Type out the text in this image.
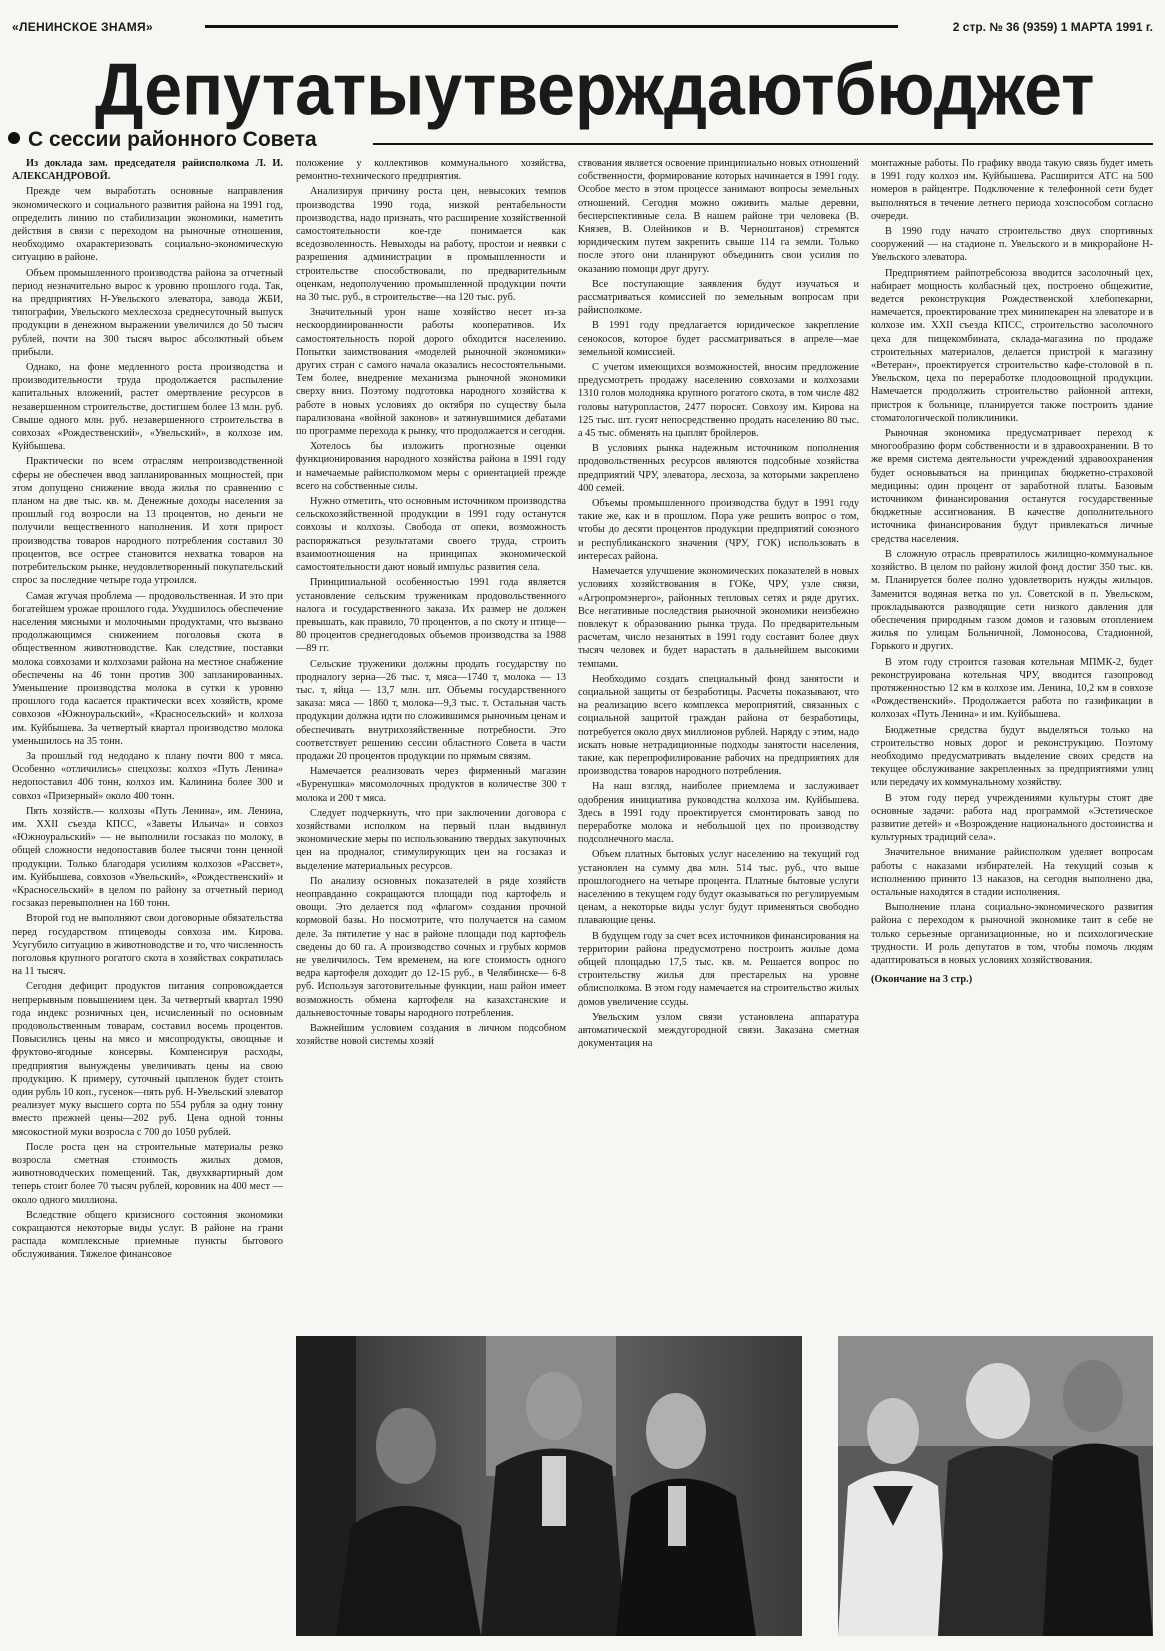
«ЛЕНИНСКОЕ ЗНАМЯ»	2 стр. № 36 (9359) 1 МАРТА 1991 г.
Депутаты утверждают бюджет
С сессии районного Совета

Из доклада зам. председателя райисполкома Л. И. АЛЕКСАНДРОВОЙ.

Прежде чем выработать основные направления экономического и социального развития района на 1991 год, определить линию по стабилизации экономики, наметить действия в связи с переходом на рыночные отношения, необходимо охарактеризовать социально-экономическую ситуацию в районе.

Объем промышленного производства района за отчетный период незначительно вырос к уровню прошлого года. Так, на предприятиях Н-Увельского элеватора, завода ЖБИ, типографии, Увельского мехлесхоза среднесуточный выпуск продукции в денежном выражении увеличился до 50 тысяч рублей, почти на 300 тысяч вырос абсолютный объем прибыли.

Однако, на фоне медленного роста производства и производительности труда продолжается распыление капитальных вложений, растет омертвление ресурсов в незавершенном строительстве, достигшем более 13 млн. руб. Свыше одного млн. руб. незавершенного строительства в совхозах «Рождественский», «Увельский», в колхозе им. Куйбышева.

Практически по всем отраслям непроизводственной сферы не обеспечен ввод запланированных мощностей, при этом допущено снижение ввода жилья по сравнению с планом на две тыс. кв. м. Денежные доходы населения за прошлый год возросли на 13 процентов, но деньги не получили вещественного наполнения. И хотя прирост производства товаров народного потребления составил 30 процентов, все острее становится нехватка товаров на потребительском рынке, неудовлетворенный покупательский спрос за последние четыре года утроился.

Самая жгучая проблема — продовольственная. И это при богатейшем урожае прошлого года. Ухудшилось обеспечение населения мясными и молочными продуктами, что вызвано продолжающимся снижением поголовья скота в общественном животноводстве. Как следствие, поставки молока совхозами и колхозами района на местное снабжение обеспечены на 46 тонн против 300 запланированных. Уменьшение производства молока в сутки к уровню прошлого года касается практически всех хозяйств, кроме совхозов «Южноуральский», «Красносельский» и колхоза им. Куйбышева. За четвертый квартал производство молока уменьшилось на 35 тонн.

За прошлый год недодано к плану почти 800 т мяса. Особенно «отличились» спецхозы: колхоз «Путь Ленина» недопоставил 406 тонн, колхоз им. Калинина более 300 и совхоз «Призерный» около 400 тонн.

Пять хозяйств.— колхозы «Путь Ленина», им. Ленина, им. XXII съезда КПСС, «Заветы Ильича» и совхоз «Южноуральский» — не выполнили госзаказ по молоку, в общей сложности недопоставив более тысячи тонн ценной продукции. Только благодаря усилиям колхозов «Рассвет», им. Куйбышева, совхозов «Увельский», «Рождественский» и «Красносельский» в целом по району за отчетный период госзаказ перевыполнен на 160 тонн.

Второй год не выполняют свои договорные обязательства перед государством птицеводы совхоза им. Кирова. Усугубило ситуацию в животноводстве и то, что численность поголовья крупного рогатого скота в хозяйствах сократилась на 11 тысяч.

Сегодня дефицит продуктов питания сопровождается непрерывным повышением цен. За четвертый квартал 1990 года индекс розничных цен, исчисленный по основным продовольственным товарам, составил восемь процентов. Повысились цены на мясо и мясопродукты, овощные и фруктово-ягодные консервы. Компенсируя расходы, предприятия вынуждены увеличивать цены на свою продукцию. К примеру, суточный цыпленок будет стоить один рубль 10 коп., гусенок—пять руб. Н-Увельский элеватор реализует муку высшего сорта по 554 рубля за одну тонну вместо прежней цены—202 руб. Цена одной тонны мясокостной муки возросла с 700 до 1050 рублей.

После роста цен на строительные материалы резко возросла сметная стоимость жилых домов, животноводческих помещений. Так, двухквартирный дом теперь стоит более 70 тысяч рублей, коровник на 400 мест — около одного миллиона.

Вследствие общего кризисного состояния экономики сокращаются некоторые виды услуг. В районе на грани распада комплексные приемные пункты бытового обслуживания. Тяжелое финансовое

положение у коллективов коммунального хозяйства, ремонтно-технического предприятия.

Анализируя причину роста цен, невысоких темпов производства 1990 года, низкой рентабельности производства, надо признать, что расширение хозяйственной самостоятельности кое-где понимается как вседозволенность. Невыходы на работу, простои и неявки с разрешения администрации в промышленности и строительстве способствовали, по предварительным оценкам, недополучению промышленной продукции почти на 30 тыс. руб., в строительстве—на 120 тыс. руб.

Значительный урон наше хозяйство несет из-за нескоординированности работы кооперативов. Их самостоятельность порой дорого обходится населению. Попытки заимствования «моделей рыночной экономики» других стран с самого начала оказались несостоятельными. Тем более, внедрение механизма рыночной экономики сверху вниз. Поэтому подготовка народного хозяйства к работе в новых условиях до октября по существу была парализована «войной законов» и затянувшимися дебатами по программе перехода к рынку, что продолжается и сегодня.

Хотелось бы изложить прогнозные оценки функционирования народного хозяйства района в 1991 году и намечаемые райисполкомом меры с ориентацией прежде всего на собственные силы.

Нужно отметить, что основным источником производства сельскохозяйственной продукции в 1991 году останутся совхозы и колхозы. Свобода от опеки, возможность распоряжаться результатами своего труда, строить взаимоотношения на принципах экономической самостоятельности дают новый импульс развития села.

Принципиальной особенностью 1991 года является установление сельским труженикам продовольственного налога и государственного заказа. Их размер не должен превышать, как правило, 70 процентов, а по скоту и птице—80 процентов среднегодовых объемов производства за 1988—89 гг.

Сельские труженики должны продать государству по продналогу зерна—26 тыс. т, мяса—1740 т, молока — 13 тыс. т, яйца — 13,7 млн. шт. Объемы государственного заказа: мяса — 1860 т, молока—9,3 тыс. т. Остальная часть продукции должна идти по сложившимся рыночным ценам и обеспечивать внутрихозяйственные потребности. Это соответствует решению сессии областного Совета в части продажи 20 процентов продукции по прямым связям.

Намечается реализовать через фирменный магазин «Буренушка» мясомолочных продуктов в количестве 300 т молока и 200 т мяса.

Следует подчеркнуть, что при заключении договора с хозяйствами исполком на первый план выдвинул экономические меры по использованию твердых закупочных цен на продналог, стимулирующих цен на госзаказ и выделение материальных ресурсов.

По анализу основных показателей в ряде хозяйств неоправданно сокращаются площади под картофель и овощи. Это делается под «флагом» создания прочной кормовой базы. Но посмотрите, что получается на самом деле. За пятилетие у нас в районе площади под картофель сведены до 60 га. А производство сочных и грубых кормов не увеличилось. Тем временем, на юге стоимость одного ведра картофеля доходит до 12-15 руб., в Челябинске— 6-8 руб. Используя заготовительные функции, наш район имеет возможность обмена картофеля на казахстанские и дальневосточные товары народного потребления.

Важнейшим условием создания в личном подсобном хозяйстве новой системы хозяй

ствования является освоение принципиально новых отношений собственности, формирование которых начинается в 1991 году. Особое место в этом процессе занимают вопросы земельных отношений. Сегодня можно оживить малые деревни, бесперспективные села. В нашем районе три человека (В. Князев, В. Олейников и В. Черноштанов) стремятся юридическим путем закрепить свыше 114 га земли. Только после этого они планируют объединить свои усилия по оказанию помощи друг другу.

Все поступающие заявления будут изучаться и рассматриваться комиссией по земельным вопросам при райисполкоме.

В 1991 году предлагается юридическое закрепление сенокосов, которое будет рассматриваться в апреле—мае земельной комиссией.

С учетом имеющихся возможностей, вносим предложение предусмотреть продажу населению совхозами и колхозами 1310 голов молодняка крупного рогатого скота, в том числе 482 головы натуропластов, 2477 поросят. Совхозу им. Кирова на 125 тыс. шт. гусят непосредственно продать населению 80 тыс. а 45 тыс. обменять на цыплят бройлеров.

В условиях рынка надежным источником пополнения продовольственных ресурсов являются подсобные хозяйства предприятий ЧРУ, элеватора, лесхоза, за которыми закреплено 400 семей.

Объемы промышленного производства будут в 1991 году такие же, как и в прошлом. Пора уже решить вопрос о том, чтобы до десяти процентов продукции предприятий союзного и республиканского значения (ЧРУ, ГОК) использовать в интересах района.

Намечается улучшение экономических показателей в новых условиях хозяйствования в ГОКе, ЧРУ, узле связи, «Агропромэнерго», районных тепловых сетях и ряде других. Все негативные последствия рыночной экономики неизбежно повлекут к образованию рынка труда. По предварительным расчетам, число незанятых в 1991 году составит более двух тысяч человек и будет нарастать в дальнейшем высокими темпами.

Необходимо создать специальный фонд занятости и социальной защиты от безработицы. Расчеты показывают, что на реализацию всего комплекса мероприятий, связанных с социальной защитой граждан района от безработицы, потребуется около двух миллионов рублей. Наряду с этим, надо искать новые нетрадиционные подходы занятости населения, такие, как перепрофилирование рабочих на предприятиях для производства товаров народного потребления.

На наш взгляд, наиболее приемлема и заслуживает одобрения инициатива руководства колхоза им. Куйбышева. Здесь в 1991 году проектируется смонтировать завод по переработке молока и небольшой цех по производству подсолнечного масла.

Объем платных бытовых услуг населению на текущий год установлен на сумму два млн. 514 тыс. руб., что выше прошлогоднего на четыре процента. Платные бытовые услуги населению в текущем году будут оказываться по регулируемым ценам, а некоторые виды услуг будут применяться свободно плавающие цены.

В будущем году за счет всех источников финансирования на территории района предусмотрено построить жилые дома общей площадью 17,5 тыс. кв. м. Решается вопрос по строительству жилья для престарелых на уровне облисполкома. В этом году намечается на строительство жилых домов увеличение ссуды.

Увельским узлом связи установлена аппаратура автоматической междугородной связи. Заказана сметная документация на

монтажные работы. По графику ввода такую связь будет иметь в 1991 году колхоз им. Куйбышева. Расширится АТС на 500 номеров в райцентре. Подключение к телефонной сети будет выполняться в течение летнего периода хозспособом согласно очереди.

В 1990 году начато строительство двух спортивных сооружений — на стадионе п. Увельского и в микрорайоне Н-Увельского элеватора.

Предприятием райпотребсоюза вводится засолочный цех, набирает мощность колбасный цех, построено общежитие, ведется реконструкция Рождественской хлебопекарни, намечается, проектирование трех минипекарен на элеваторе и в колхозе им. XXII съезда КПСС, строительство засолочного цеха для пищекомбината, склада-магазина по продаже строительных материалов, делается пристрой к магазину «Ветеран», проектируется строительство кафе-столовой в п. Увельском, цеха по переработке плодоовощной продукции. Намечается продолжить строительство районной аптеки, пристроя к больнице, планируется также построить здание стоматологической поликлиники.

Рыночная экономика предусматривает переход к многообразию форм собственности и в здравоохранении. В то же время система деятельности учреждений здравоохранения будет основываться на принципах бюджетно-страховой медицины: один процент от заработной платы. Базовым источником финансирования останутся государственные бюджетные ассигнования. В качестве дополнительного источника финансирования будут привлекаться личные средства населения.

В сложную отрасль превратилось жилищно-коммунальное хозяйство. В целом по району жилой фонд достиг 350 тыс. кв. м. Планируется более полно удовлетворить нужды жильцов. Заменится водяная ветка по ул. Советской в п. Увельском, прокладываются разводящие сети низкого давления для обеспечения природным газом домов и газовым отоплением жилья по улицам Больничной, Ломоносова, Стадионной, Горького и других.

В этом году строится газовая котельная МПМК-2, будет реконструирована котельная ЧРУ, вводится газопровод протяженностью 12 км в колхозе им. Ленина, 10,2 км в совхозе «Рождественский». Продолжается работа по газификации в колхозах «Путь Ленина» и им. Куйбышева.

Бюджетные средства будут выделяться только на строительство новых дорог и реконструкцию. Поэтому необходимо предусматривать выделение своих средств на текущее обслуживание закрепленных за предприятиями улиц или передачу их коммунальному хозяйству.

В этом году перед учреждениями культуры стоят две основные задачи: работа над программой «Эстетическое развитие детей» и «Возрождение национального достоинства и культурных традиций села».

Значительное внимание райисполком уделяет вопросам работы с наказами избирателей. На текущий созыв к исполнению принято 13 наказов, на сегодня выполнено два, остальные находятся в стадии исполнения.

Выполнение плана социально-экономического развития района с переходом к рыночной экономике таит в себе не только серьезные организационные, но и психологические трудности. И роль депутатов в том, чтобы помочь людям адаптироваться в новых условиях хозяйствования.

(Окончание на 3 стр.)
